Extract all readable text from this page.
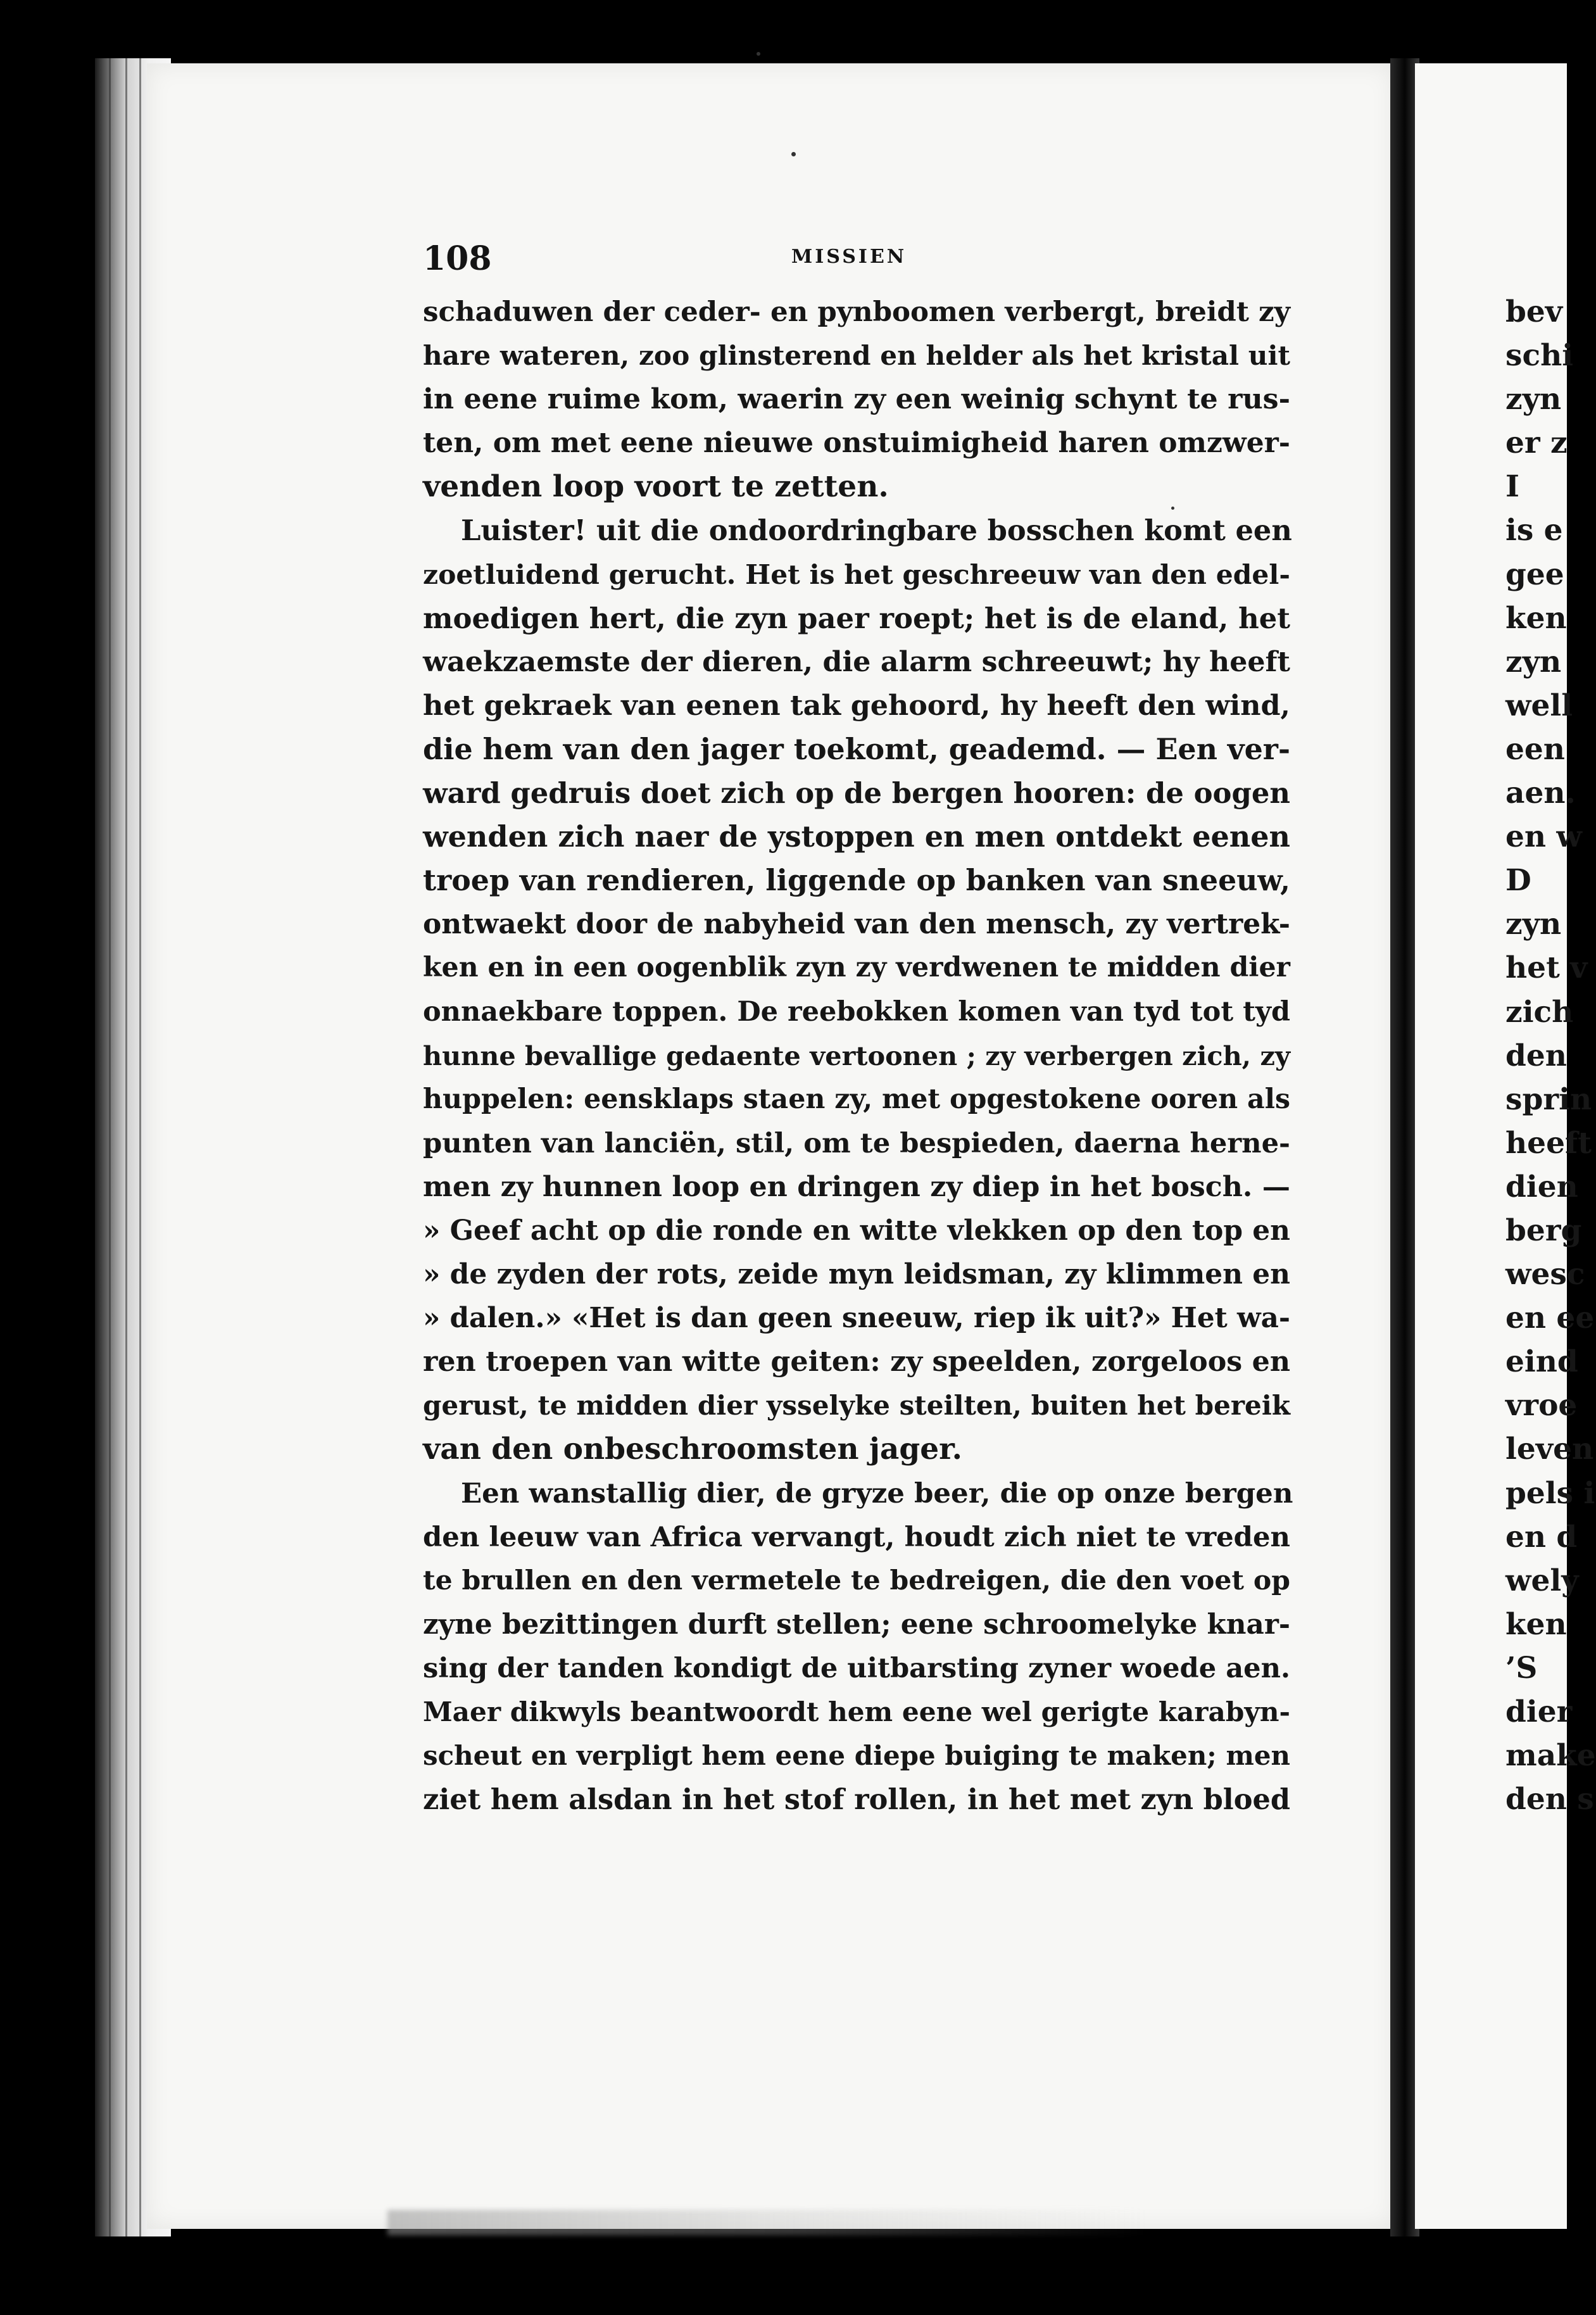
108	MISSIEN
schaduwen der ceder- en pynboomen verbergt, breidt zy
hare wateren, zoo glinsterend en helder als het kristal uit
in eene ruime kom, waerin zy een weinig schynt te rus-
ten, om met eene nieuwe onstuimigheid haren omzwer-
venden loop voort te zetten.
Luister! uit die ondoordringbare bosschen komt een
zoetluidend gerucht. Het is het geschreeuw van den edel-
moedigen hert, die zyn paer roept; het is de eland, het
waekzaemste der dieren, die alarm schreeuwt; hy heeft
het gekraek van eenen tak gehoord, hy heeft den wind,
die hem van den jager toekomt, geademd. — Een ver-
ward gedruis doet zich op de bergen hooren: de oogen
wenden zich naer de ystoppen en men ontdekt eenen
troep van rendieren, liggende op banken van sneeuw,
ontwaekt door de nabyheid van den mensch, zy vertrek-
ken en in een oogenblik zyn zy verdwenen te midden dier
onnaekbare toppen. De reebokken komen van tyd tot tyd
hunne bevallige gedaente vertoonen ; zy verbergen zich, zy
huppelen: eensklaps staen zy, met opgestokene ooren als
punten van lanciën, stil, om te bespieden, daerna herne-
men zy hunnen loop en dringen zy diep in het bosch. —
» Geef acht op die ronde en witte vlekken op den top en
» de zyden der rots, zeide myn leidsman, zy klimmen en
» dalen.» «Het is dan geen sneeuw, riep ik uit?» Het wa-
ren troepen van witte geiten: zy speelden, zorgeloos en
gerust, te midden dier ysselyke steilten, buiten het bereik
van den onbeschroomsten jager.
Een wanstallig dier, de gryze beer, die op onze bergen
den leeuw van Africa vervangt, houdt zich niet te vreden
te brullen en den vermetele te bedreigen, die den voet op
zyne bezittingen durft stellen; eene schroomelyke knar-
sing der tanden kondigt de uitbarsting zyner woede aen.
Maer dikwyls beantwoordt hem eene wel gerigte karabyn-
scheut en verpligt hem eene diepe buiging te maken; men
ziet hem alsdan in het stof rollen, in het met zyn bloed
bev
schi
zyn
er z
I
is e
gee
ken
zyn
well
een
aen.
en w
D
zyn
het v
zich
den
sprin
heeft
dien
berg
wesc
en ee
eind
vroe
leven
pels i
en d
wely
ken
’S
dier
make
den s
